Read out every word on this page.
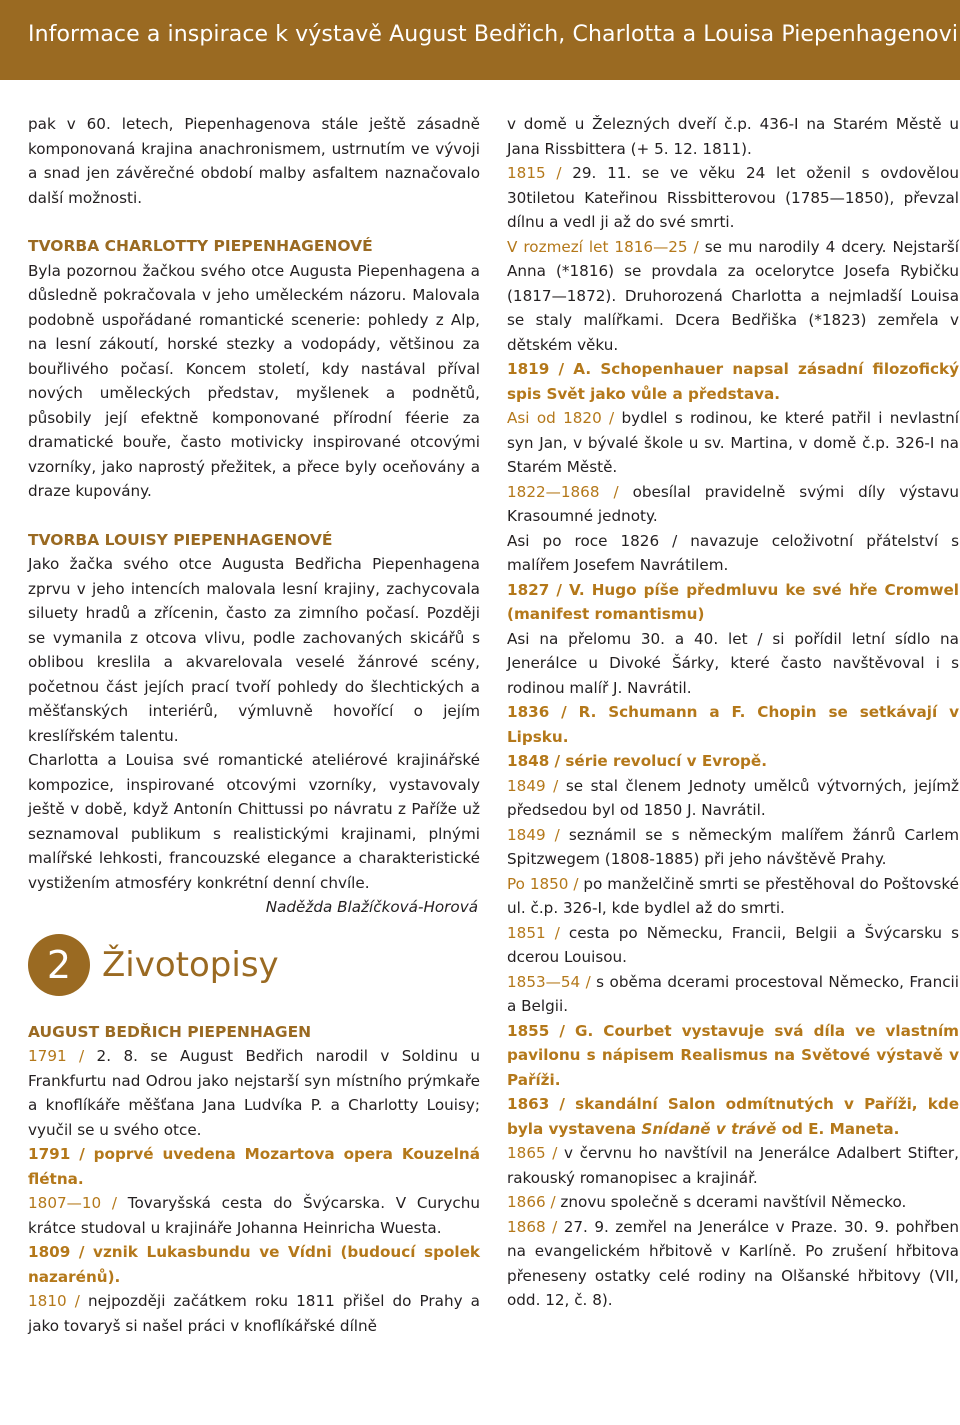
Informace a inspirace k výstavě August Bedřich, Charlotta a Louisa Piepenhagenovi

pak v 60. letech, Piepenhagenova stále ještě zásadně komponovaná krajina anachronismem, ustrnutím ve vývoji a snad jen závěrečné období malby asfaltem naznačovalo další možnosti.

TVORBA CHARLOTTY PIEPENHAGENOVÉ

Byla pozornou žačkou svého otce Augusta Piepenhagena a důsledně pokračovala v jeho uměleckém názoru. Malovala podobně uspořádané romantické scenerie: pohledy z Alp, na lesní zákoutí, horské stezky a vodopády, většinou za bouřlivého počasí. Koncem století, kdy nastával příval nových uměleckých představ, myšlenek a podnětů, působily její efektně komponované přírodní féerie za dramatické bouře, často motivicky inspirované otcovými vzorníky, jako naprostý přežitek, a přece byly oceňovány a draze kupovány.

TVORBA LOUISY PIEPENHAGENOVÉ

Jako žačka svého otce Augusta Bedřicha Piepenhagena zprvu v jeho intencích malovala lesní krajiny, zachycovala siluety hradů a zřícenin, často za zimního počasí. Později se vymanila z otcova vlivu, podle zachovaných skicářů s oblibou kreslila a akvarelovala veselé žánrové scény, početnou část jejích prací tvoří pohledy do šlechtických a měšťanských interiérů, výmluvně hovořící o jejím kreslířském talentu.

Charlotta a Louisa své romantické ateliérové krajinářské kompozice, inspirované otcovými vzorníky, vystavovaly ještě v době, když Antonín Chittussi po návratu z Paříže už seznamoval publikum s realistickými krajinami, plnými malířské lehkosti, francouzské elegance a charakteristické vystižením atmosféry konkrétní denní chvíle.

Naděžda Blažíčková-Horová

2 Životopisy

AUGUST BEDŘICH PIEPENHAGEN

1791 / 2. 8. se August Bedřich narodil v Soldinu u Frankfurtu nad Odrou jako nejstarší syn místního prýmkaře a knoflíkáře měšťana Jana Ludvíka P. a Charlotty Louisy; vyučil se u svého otce.

1791 / poprvé uvedena Mozartova opera Kouzelná flétna.

1807—10 / Tovaryšská cesta do Švýcarska. V Curychu krátce studoval u krajináře Johanna Heinricha Wuesta.

1809 / vznik Lukasbundu ve Vídni (budoucí spolek nazarénů).

1810 / nejpozději začátkem roku 1811 přišel do Prahy a jako tovaryš si našel práci v knoflíkářské dílně

v domě u Železných dveří č.p. 436-I na Starém Městě u Jana Rissbittera (+ 5. 12. 1811).

1815 / 29. 11. se ve věku 24 let oženil s ovdovělou 30tiletou Kateřinou Rissbitterovou (1785—1850), převzal dílnu a vedl ji až do své smrti.

V rozmezí let 1816—25 / se mu narodily 4 dcery. Nejstarší Anna (*1816) se provdala za ocelorytce Josefa Rybičku (1817—1872). Druhorozená Charlotta a nejmladší Louisa se staly malířkami. Dcera Bedřiška (*1823) zemřela v dětském věku.

1819 / A. Schopenhauer napsal zásadní filozofický spis Svět jako vůle a představa.

Asi od 1820 / bydlel s rodinou, ke které patřil i nevlastní syn Jan, v bývalé škole u sv. Martina, v domě č.p. 326-I na Starém Městě.

1822—1868 / obesílal pravidelně svými díly výstavu Krasoumné jednoty.

Asi po roce 1826 / navazuje celoživotní přátelství s malířem Josefem Navrátilem.

1827 / V. Hugo píše předmluvu ke své hře Cromwel (manifest romantismu)

Asi na přelomu 30. a 40. let / si pořídil letní sídlo na Jenerálce u Divoké Šárky, které často navštěvoval i s rodinou malíř J. Navrátil.

1836 / R. Schumann a F. Chopin se setkávají v Lipsku.

1848 / série revolucí v Evropě.

1849 / se stal členem Jednoty umělců výtvorných, jejímž předsedou byl od 1850 J. Navrátil.

1849 / seznámil se s německým malířem žánrů Carlem Spitzwegem (1808-1885) při jeho návštěvě Prahy.

Po 1850 / po manželčině smrti se přestěhoval do Poštovské ul. č.p. 326-I, kde bydlel až do smrti.

1851 / cesta po Německu, Francii, Belgii a Švýcarsku s dcerou Louisou.

1853—54 / s oběma dcerami procestoval Německo, Francii a Belgii.

1855 / G. Courbet vystavuje svá díla ve vlastním pavilonu s nápisem Realismus na Světové výstavě v Paříži.

1863 / skandální Salon odmítnutých v Paříži, kde byla vystavena Snídaně v trávě od E. Maneta.

1865 / v červnu ho navštívil na Jenerálce Adalbert Stifter, rakouský romanopisec a krajinář.

1866 / znovu společně s dcerami navštívil Německo.

1868 / 27. 9. zemřel na Jenerálce v Praze. 30. 9. pohřben na evangelickém hřbitově v Karlíně. Po zrušení hřbitova přeneseny ostatky celé rodiny na Olšanské hřbitovy (VII, odd. 12, č. 8).
